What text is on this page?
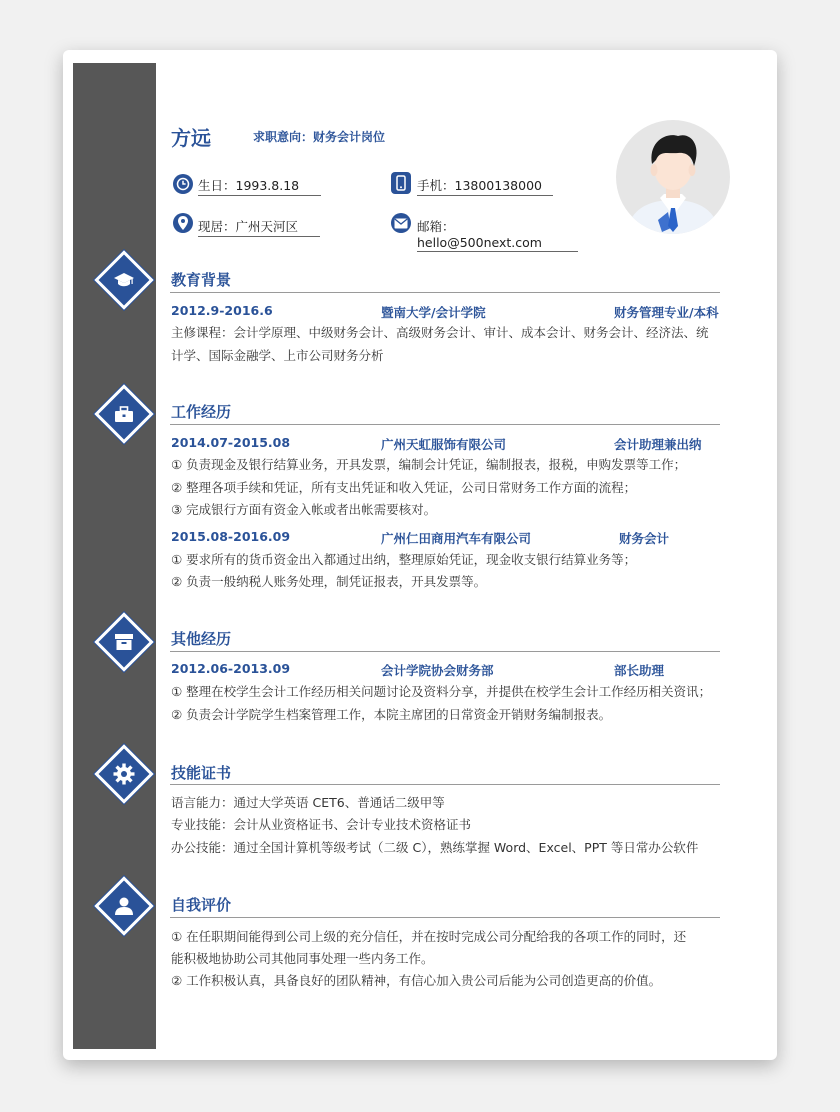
方远	求职意向：财务会计岗位
生日：1993.8.18	手机：13800138000
现居：广州天河区	邮箱：hello@500next.com
教育背景
2012.9-2016.6	暨南大学/会计学院	财务管理专业/本科
主修课程：会计学原理、中级财务会计、高级财务会计、审计、成本会计、财务会计、经济法、统
计学、国际金融学、上市公司财务分析
工作经历
2014.07-2015.08	广州天虹服饰有限公司	会计助理兼出纳
① 负责现金及银行结算业务，开具发票，编制会计凭证，编制报表，报税，申购发票等工作；
② 整理各项手续和凭证，所有支出凭证和收入凭证，公司日常财务工作方面的流程；
③ 完成银行方面有资金入帐或者出帐需要核对。
2015.08-2016.09	广州仁田商用汽车有限公司	财务会计
① 要求所有的货币资金出入都通过出纳，整理原始凭证，现金收支银行结算业务等；
② 负责一般纳税人账务处理，制凭证报表，开具发票等。
其他经历
2012.06-2013.09	会计学院协会财务部	部长助理
① 整理在校学生会计工作经历相关问题讨论及资料分享，并提供在校学生会计工作经历相关资讯；
② 负责会计学院学生档案管理工作，本院主席团的日常资金开销财务编制报表。
技能证书
语言能力：通过大学英语 CET6、普通话二级甲等
专业技能：会计从业资格证书、会计专业技术资格证书
办公技能：通过全国计算机等级考试（二级 C），熟练掌握 Word、Excel、PPT 等日常办公软件
自我评价
① 在任职期间能得到公司上级的充分信任，并在按时完成公司分配给我的各项工作的同时，还
能积极地协助公司其他同事处理一些内务工作。
② 工作积极认真，具备良好的团队精神，有信心加入贵公司后能为公司创造更高的价值。
